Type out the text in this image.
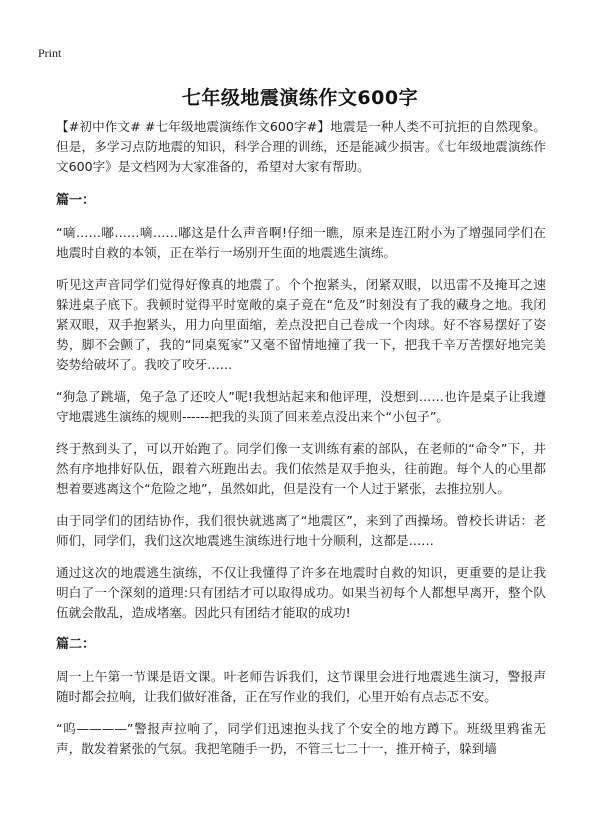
Print
七年级地震演练作文600字

【#初中作文# #七年级地震演练作文600字#】地震是一种人类不可抗拒的自然现象。但是，多学习点防地震的知识，科学合理的训练，还是能减少损害。《七年级地震演练作文600字》是文档网为大家准备的，希望对大家有帮助。

篇一：

“嘀……嘟……嘀……嘟这是什么声音啊!仔细一瞧，原来是连江附小为了增强同学们在地震时自救的本领，正在举行一场别开生面的地震逃生演练。

听见这声音同学们觉得好像真的地震了。个个抱紧头，闭紧双眼，以迅雷不及掩耳之速躲进桌子底下。我顿时觉得平时宽敞的桌子竟在“危及”时刻没有了我的藏身之地。我闭紧双眼，双手抱紧头，用力向里面缩，差点没把自己卷成一个肉球。好不容易摆好了姿势，脚不会颤了，我的“同桌冤家”又毫不留情地撞了我一下，把我千辛万苦摆好地完美姿势给破坏了。我咬了咬牙……

“狗急了跳墙，兔子急了还咬人”呢!我想站起来和他评理，没想到……也许是桌子让我遵守地震逃生演练的规则------把我的头顶了回来差点没出来个“小包子”。

终于熬到头了，可以开始跑了。同学们像一支训练有素的部队，在老师的“命令”下，井然有序地排好队伍，跟着六班跑出去。我们依然是双手抱头，往前跑。每个人的心里都想着要逃离这个“危险之地”，虽然如此，但是没有一个人过于紧张，去推拉别人。

由于同学们的团结协作，我们很快就逃离了“地震区”，来到了西操场。曾校长讲话：老师们，同学们，我们这次地震逃生演练进行地十分顺利，这都是……

通过这次的地震逃生演练，不仅让我懂得了许多在地震时自救的知识，更重要的是让我明白了一个深刻的道理:只有团结才可以取得成功。如果当初每个人都想早离开，整个队伍就会散乱，造成堵塞。因此只有团结才能取的成功!

篇二：

周一上午第一节课是语文课。叶老师告诉我们，这节课里会进行地震逃生演习，警报声随时都会拉响，让我们做好准备，正在写作业的我们，心里开始有点忐忑不安。

“呜————”警报声拉响了，同学们迅速抱头找了个安全的地方蹲下。班级里鸦雀无声，散发着紧张的气氛。我把笔随手一扔，不管三七二十一，推开椅子，躲到墙
